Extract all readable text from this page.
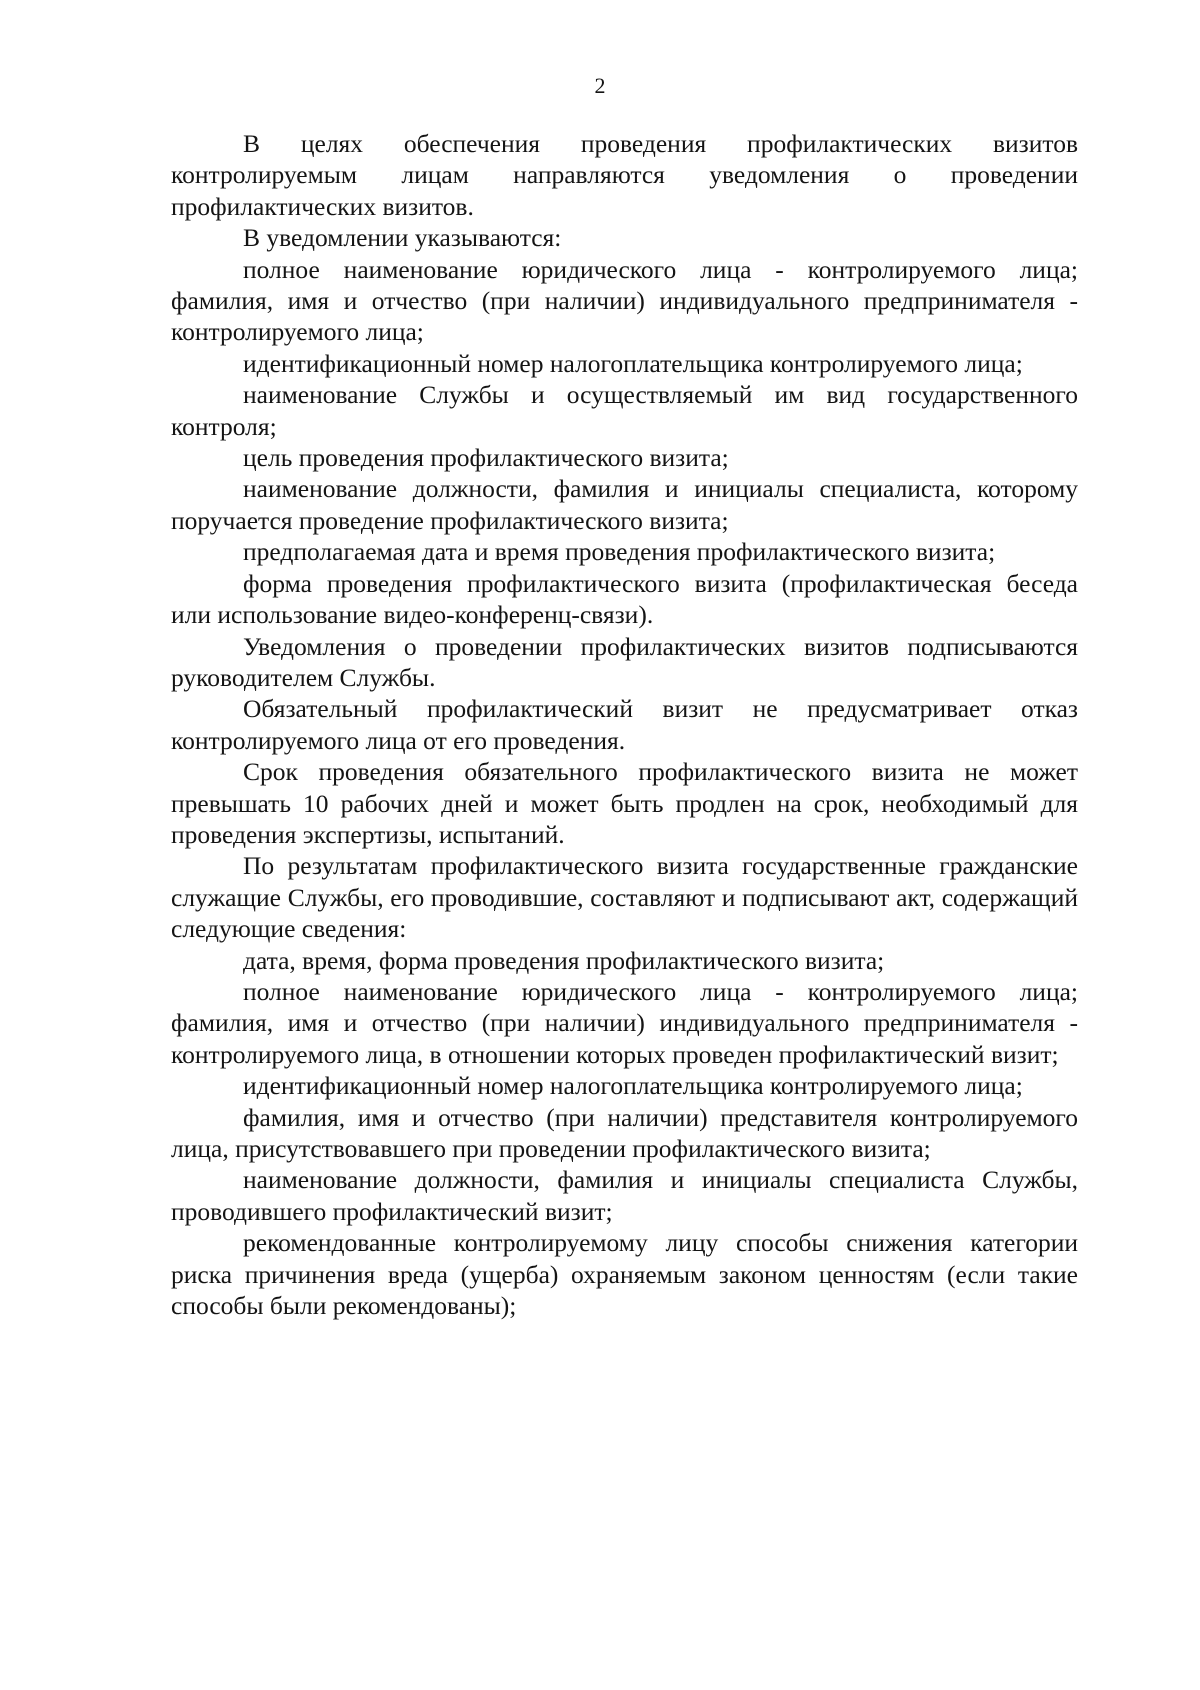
2

В целях обеспечения проведения профилактических визитов контролируемым лицам направляются уведомления о проведении профилактических визитов.

В уведомлении указываются:

полное наименование юридического лица - контролируемого лица; фамилия, имя и отчество (при наличии) индивидуального предпринимателя - контролируемого лица;

идентификационный номер налогоплательщика контролируемого лица;

наименование Службы и осуществляемый им вид государственного контроля;

цель проведения профилактического визита;

наименование должности, фамилия и инициалы специалиста, которому поручается проведение профилактического визита;

предполагаемая дата и время проведения профилактического визита;

форма проведения профилактического визита (профилактическая беседа или использование видео-конференц-связи).

Уведомления о проведении профилактических визитов подписываются руководителем Службы.

Обязательный профилактический визит не предусматривает отказ контролируемого лица от его проведения.

Срок проведения обязательного профилактического визита не может превышать 10 рабочих дней и может быть продлен на срок, необходимый для проведения экспертизы, испытаний.

По результатам профилактического визита государственные гражданские служащие Службы, его проводившие, составляют и подписывают акт, содержащий следующие сведения:

дата, время, форма проведения профилактического визита;

полное наименование юридического лица - контролируемого лица; фамилия, имя и отчество (при наличии) индивидуального предпринимателя - контролируемого лица, в отношении которых проведен профилактический визит;

идентификационный номер налогоплательщика контролируемого лица;

фамилия, имя и отчество (при наличии) представителя контролируемого лица, присутствовавшего при проведении профилактического визита;

наименование должности, фамилия и инициалы специалиста Службы, проводившего профилактический визит;

рекомендованные контролируемому лицу способы снижения категории риска причинения вреда (ущерба) охраняемым законом ценностям (если такие способы были рекомендованы);
